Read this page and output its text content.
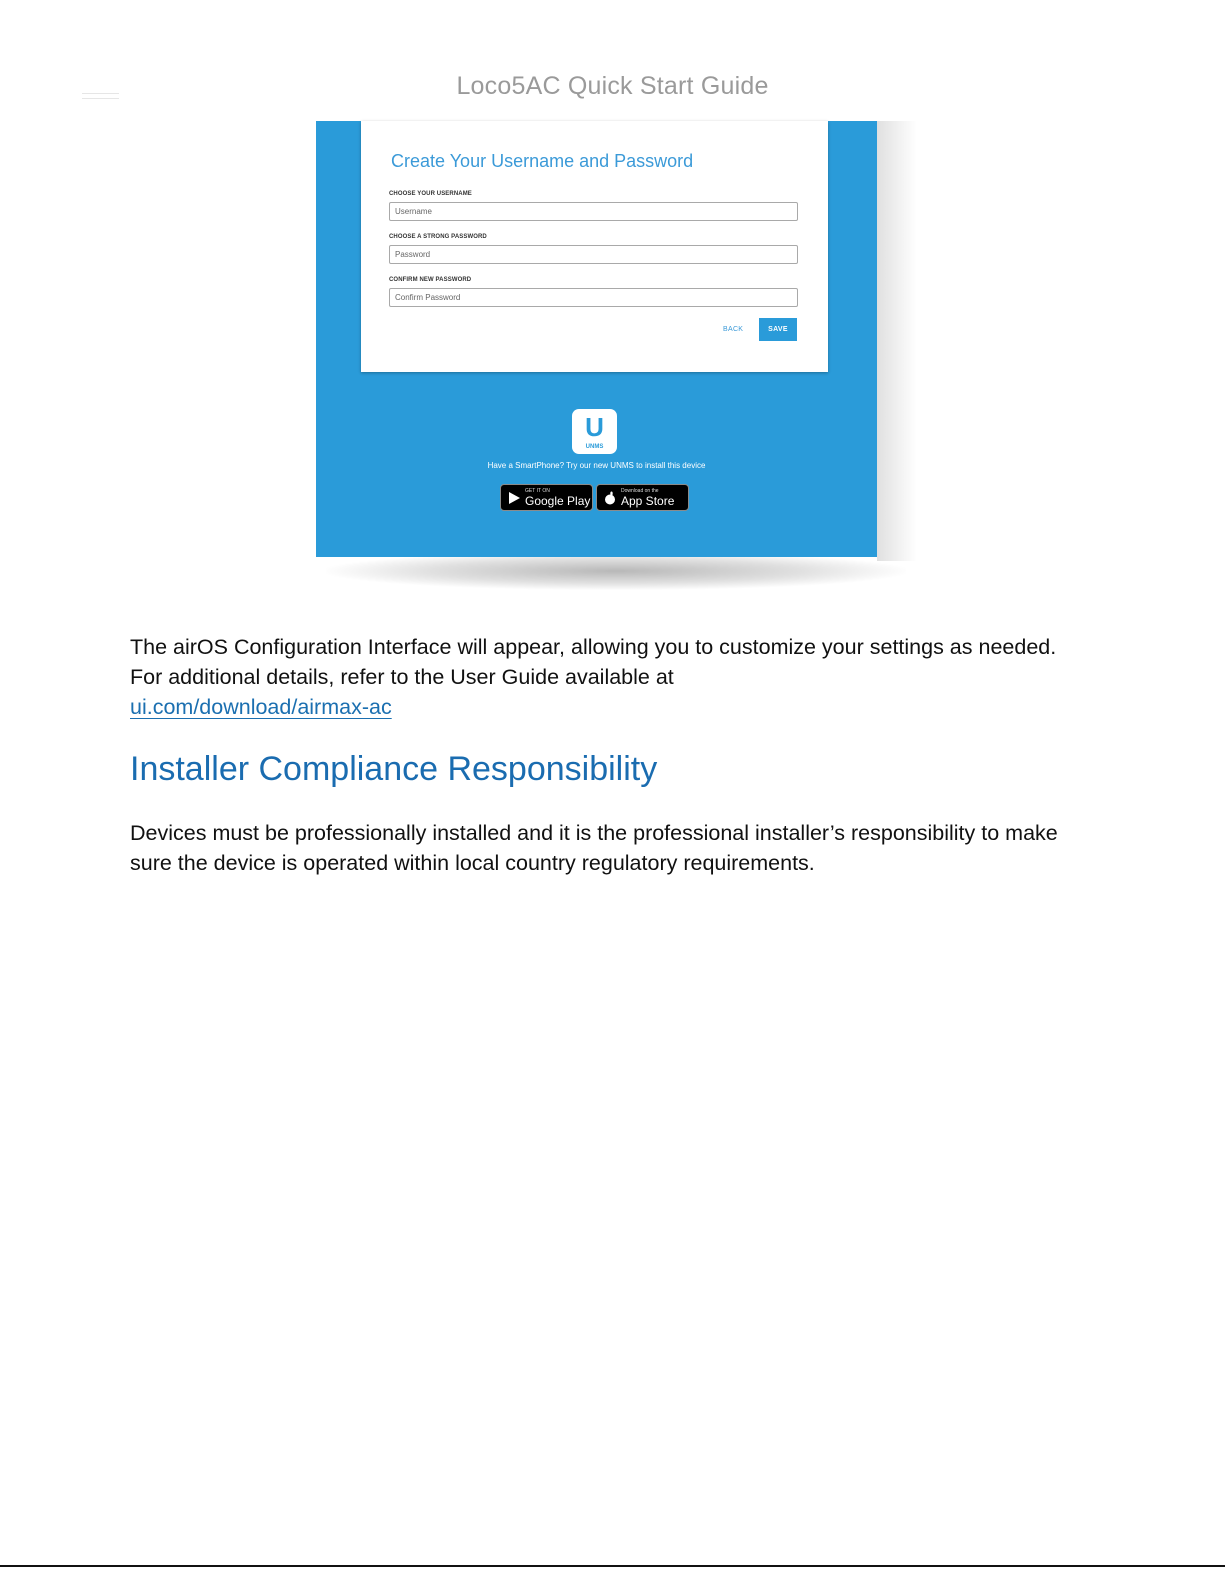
Loco5AC Quick Start Guide
Create Your Username and Password
CHOOSE YOUR USERNAME
Username
CHOOSE A STRONG PASSWORD
Password
CONFIRM NEW PASSWORD
Confirm Password
BACK	SAVE
U
UNMS
Have a SmartPhone? Try our new UNMS to install this device
GET IT ON
Google Play
Download on the
App Store
The airOS Configuration Interface will appear, allowing you to customize your settings as needed. For additional details, refer to the User Guide available at
ui.com/download/airmax-ac
Installer Compliance Responsibility
Devices must be professionally installed and it is the professional installer’s responsibility to make sure the device is operated within local country regulatory requirements.
